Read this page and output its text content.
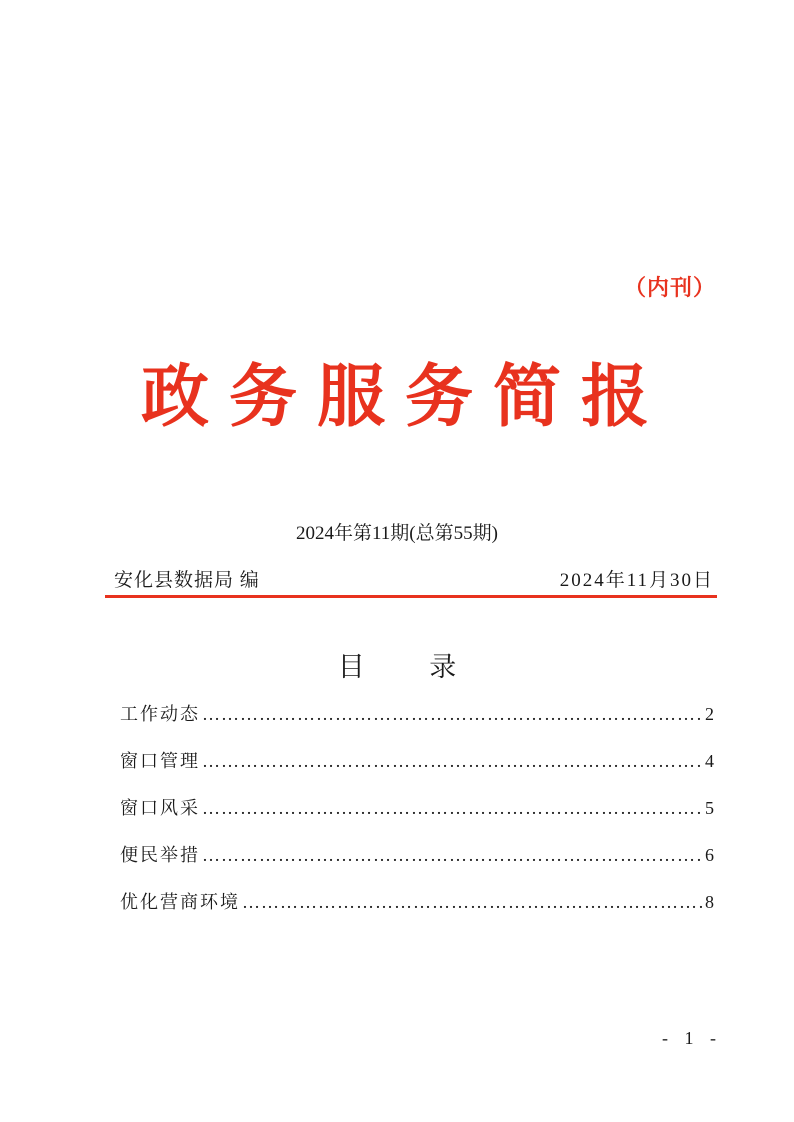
（内刊）
政务服务简报
2024年第11期(总第55期)
安化县数据局 编	2024年11月30日
目 录
工作动态 …………………………………………………………………………………………………………………………………………………………	2
窗口管理 …………………………………………………………………………………………………………………………………………………………	4
窗口风采 …………………………………………………………………………………………………………………………………………………………	5
便民举措 …………………………………………………………………………………………………………………………………………………………	6
优化营商环境 …………………………………………………………………………………………………………………………………………………………	8
- 1 -
